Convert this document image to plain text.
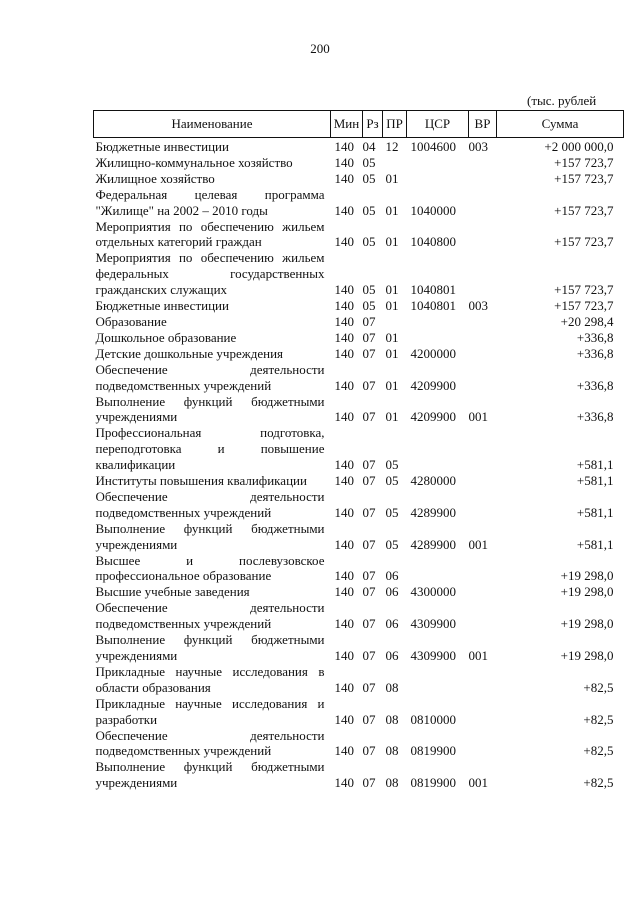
200
(тыс. рублей
Наименование	Мин	Рз	ПР	ЦСР	ВР	Сумма
Бюджетные инвестиции	140	04	12	1004600	003	+2 000 000,0
Жилищно-коммунальное хозяйство	140	05				+157 723,7
Жилищное хозяйство	140	05	01			+157 723,7
Федеральная целевая программа "Жилище" на 2002 – 2010 годы	140	05	01	1040000		+157 723,7
Мероприятия по обеспечению жильем отдельных категорий граждан	140	05	01	1040800		+157 723,7
Мероприятия по обеспечению жильем федеральных государственных гражданских служащих	140	05	01	1040801		+157 723,7
Бюджетные инвестиции	140	05	01	1040801	003	+157 723,7
Образование	140	07				+20 298,4
Дошкольное образование	140	07	01			+336,8
Детские дошкольные учреждения	140	07	01	4200000		+336,8
Обеспечение деятельности подведомственных учреждений	140	07	01	4209900		+336,8
Выполнение функций бюджетными учреждениями	140	07	01	4209900	001	+336,8
Профессиональная подготовка, переподготовка и повышение квалификации	140	07	05			+581,1
Институты повышения квалификации	140	07	05	4280000		+581,1
Обеспечение деятельности подведомственных учреждений	140	07	05	4289900		+581,1
Выполнение функций бюджетными учреждениями	140	07	05	4289900	001	+581,1
Высшее и послевузовское профессиональное образование	140	07	06			+19 298,0
Высшие учебные заведения	140	07	06	4300000		+19 298,0
Обеспечение деятельности подведомственных учреждений	140	07	06	4309900		+19 298,0
Выполнение функций бюджетными учреждениями	140	07	06	4309900	001	+19 298,0
Прикладные научные исследования в области образования	140	07	08			+82,5
Прикладные научные исследования и разработки	140	07	08	0810000		+82,5
Обеспечение деятельности подведомственных учреждений	140	07	08	0819900		+82,5
Выполнение функций бюджетными учреждениями	140	07	08	0819900	001	+82,5
